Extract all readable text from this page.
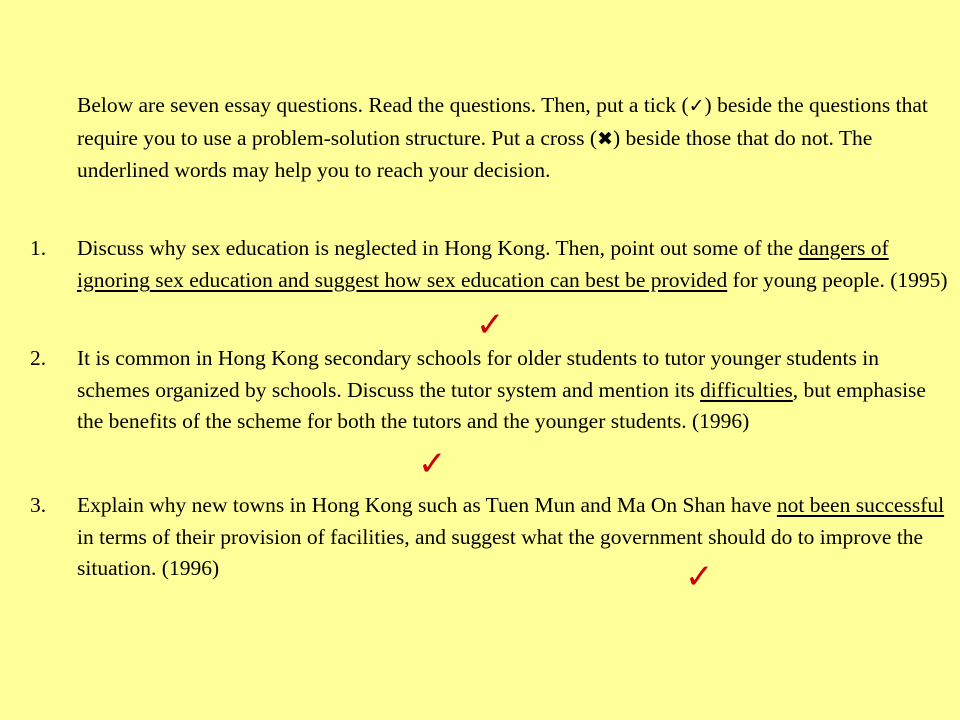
Below are seven essay questions. Read the questions. Then, put a tick (✓) beside the questions that require you to use a problem-solution structure. Put a cross (✖) beside those that do not. The underlined words may help you to reach your decision.
1.	Discuss why sex education is neglected in Hong Kong. Then, point out some of the dangers of ignoring sex education and suggest how sex education can best be provided for young people. (1995)
✓
2.	It is common in Hong Kong secondary schools for older students to tutor younger students in schemes organized by schools. Discuss the tutor system and mention its difficulties, but emphasise the benefits of the scheme for both the tutors and the younger students. (1996)
✓
3.	Explain why new towns in Hong Kong such as Tuen Mun and Ma On Shan have not been successful in terms of their provision of facilities, and suggest what the government should do to improve the situation. (1996)	✓
